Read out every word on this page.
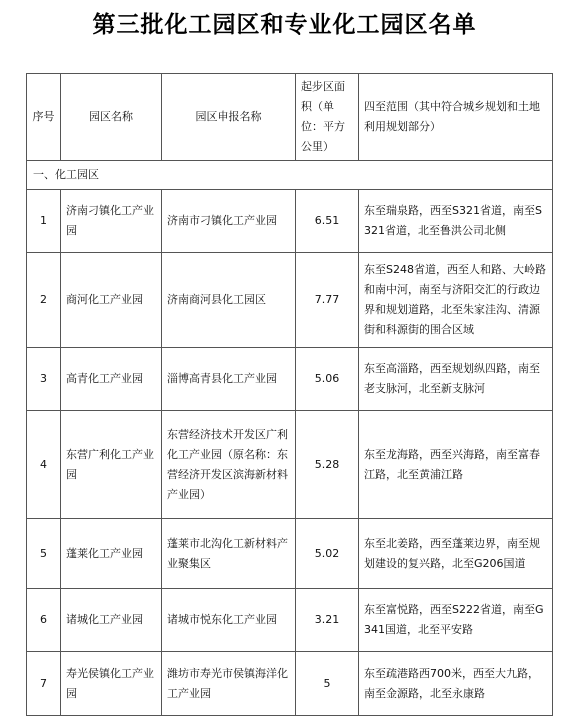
第三批化工园区和专业化工园区名单
序号	园区名称	园区申报名称	起步区面积（单位：平方公里）	四至范围（其中符合城乡规划和土地利用规划部分）
一、化工园区				
1	济南刁镇化工产业园	济南市刁镇化工产业园	6.51	东至瑞泉路，西至S321省道，南至S321省道，北至鲁洪公司北侧
2	商河化工产业园	济南商河县化工园区	7.77	东至S248省道，西至人和路、大岭路和南中河，南至与济阳交汇的行政边界和规划道路，北至朱家洼沟、清源街和科源街的围合区域
3	高青化工产业园	淄博高青县化工产业园	5.06	东至高淄路，西至规划纵四路，南至老支脉河，北至新支脉河
4	东营广利化工产业园	东营经济技术开发区广利化工产业园（原名称：东营经济开发区滨海新材料产业园）	5.28	东至龙海路，西至兴海路，南至富春江路，北至黄浦江路
5	蓬莱化工产业园	蓬莱市北沟化工新材料产业聚集区	5.02	东至北姜路，西至蓬莱边界，南至规划建设的复兴路，北至G206国道
6	诸城化工产业园	诸城市悦东化工产业园	3.21	东至富悦路，西至S222省道，南至G341国道，北至平安路
7	寿光侯镇化工产业园	潍坊市寿光市侯镇海洋化工产业园	5	东至疏港路西700米，西至大九路，南至金源路，北至永康路
